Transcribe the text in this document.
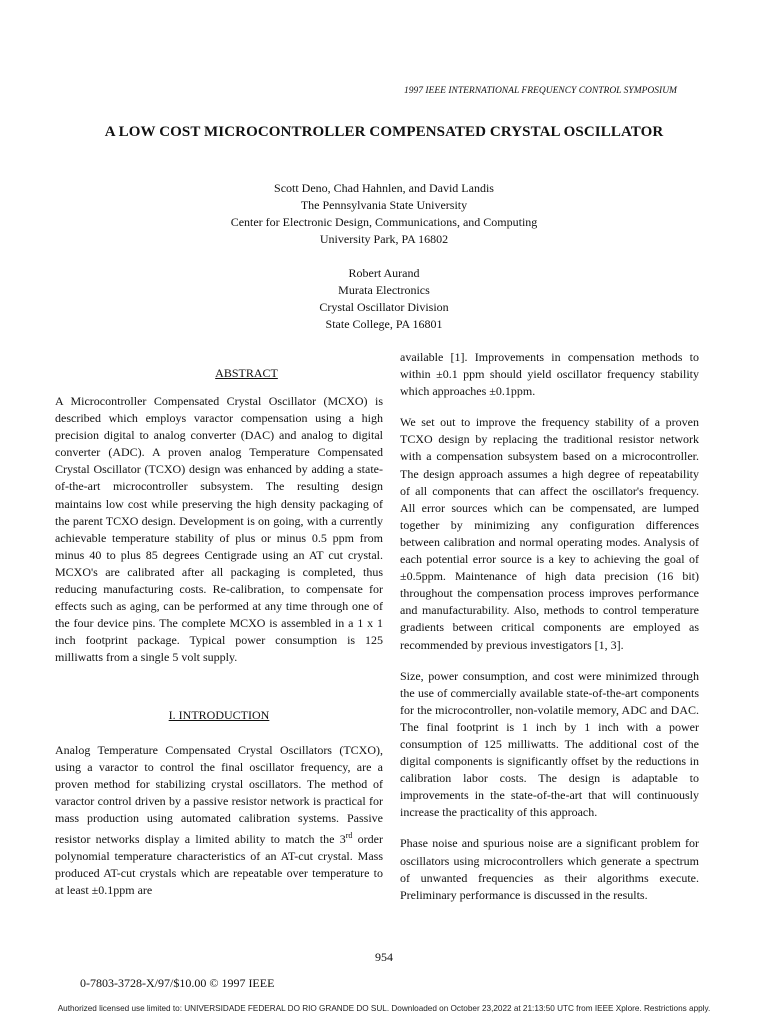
1997 IEEE INTERNATIONAL FREQUENCY CONTROL SYMPOSIUM
A LOW COST MICROCONTROLLER COMPENSATED CRYSTAL OSCILLATOR
Scott Deno, Chad Hahnlen, and David Landis
The Pennsylvania State University
Center for Electronic Design, Communications, and Computing
University Park, PA 16802
Robert Aurand
Murata Electronics
Crystal Oscillator Division
State College, PA 16801
ABSTRACT

A Microcontroller Compensated Crystal Oscillator (MCXO) is described which employs varactor compensation using a high precision digital to analog converter (DAC) and analog to digital converter (ADC). A proven analog Temperature Compensated Crystal Oscillator (TCXO) design was enhanced by adding a state-of-the-art microcontroller subsystem. The resulting design maintains low cost while preserving the high density packaging of the parent TCXO design. Development is on going, with a currently achievable temperature stability of plus or minus 0.5 ppm from minus 40 to plus 85 degrees Centigrade using an AT cut crystal. MCXO's are calibrated after all packaging is completed, thus reducing manufacturing costs. Re-calibration, to compensate for effects such as aging, can be performed at any time through one of the four device pins. The complete MCXO is assembled in a 1 x 1 inch footprint package. Typical power consumption is 125 milliwatts from a single 5 volt supply.

I. INTRODUCTION

Analog Temperature Compensated Crystal Oscillators (TCXO), using a varactor to control the final oscillator frequency, are a proven method for stabilizing crystal oscillators. The method of varactor control driven by a passive resistor network is practical for mass production using automated calibration systems. Passive resistor networks display a limited ability to match the 3rd order polynomial temperature characteristics of an AT-cut crystal. Mass produced AT-cut crystals which are repeatable over temperature to at least ±0.1ppm are

available [1]. Improvements in compensation methods to within ±0.1 ppm should yield oscillator frequency stability which approaches ±0.1ppm.

We set out to improve the frequency stability of a proven TCXO design by replacing the traditional resistor network with a compensation subsystem based on a microcontroller. The design approach assumes a high degree of repeatability of all components that can affect the oscillator's frequency. All error sources which can be compensated, are lumped together by minimizing any configuration differences between calibration and normal operating modes. Analysis of each potential error source is a key to achieving the goal of ±0.5ppm. Maintenance of high data precision (16 bit) throughout the compensation process improves performance and manufacturability. Also, methods to control temperature gradients between critical components are employed as recommended by previous investigators [1, 3].

Size, power consumption, and cost were minimized through the use of commercially available state-of-the-art components for the microcontroller, non-volatile memory, ADC and DAC. The final footprint is 1 inch by 1 inch with a power consumption of 125 milliwatts. The additional cost of the digital components is significantly offset by the reductions in calibration labor costs. The design is adaptable to improvements in the state-of-the-art that will continuously increase the practicality of this approach.

Phase noise and spurious noise are a significant problem for oscillators using microcontrollers which generate a spectrum of unwanted frequencies as their algorithms execute. Preliminary performance is discussed in the results.

954
0-7803-3728-X/97/$10.00 © 1997 IEEE
Authorized licensed use limited to: UNIVERSIDADE FEDERAL DO RIO GRANDE DO SUL. Downloaded on October 23,2022 at 21:13:50 UTC from IEEE Xplore. Restrictions apply.
